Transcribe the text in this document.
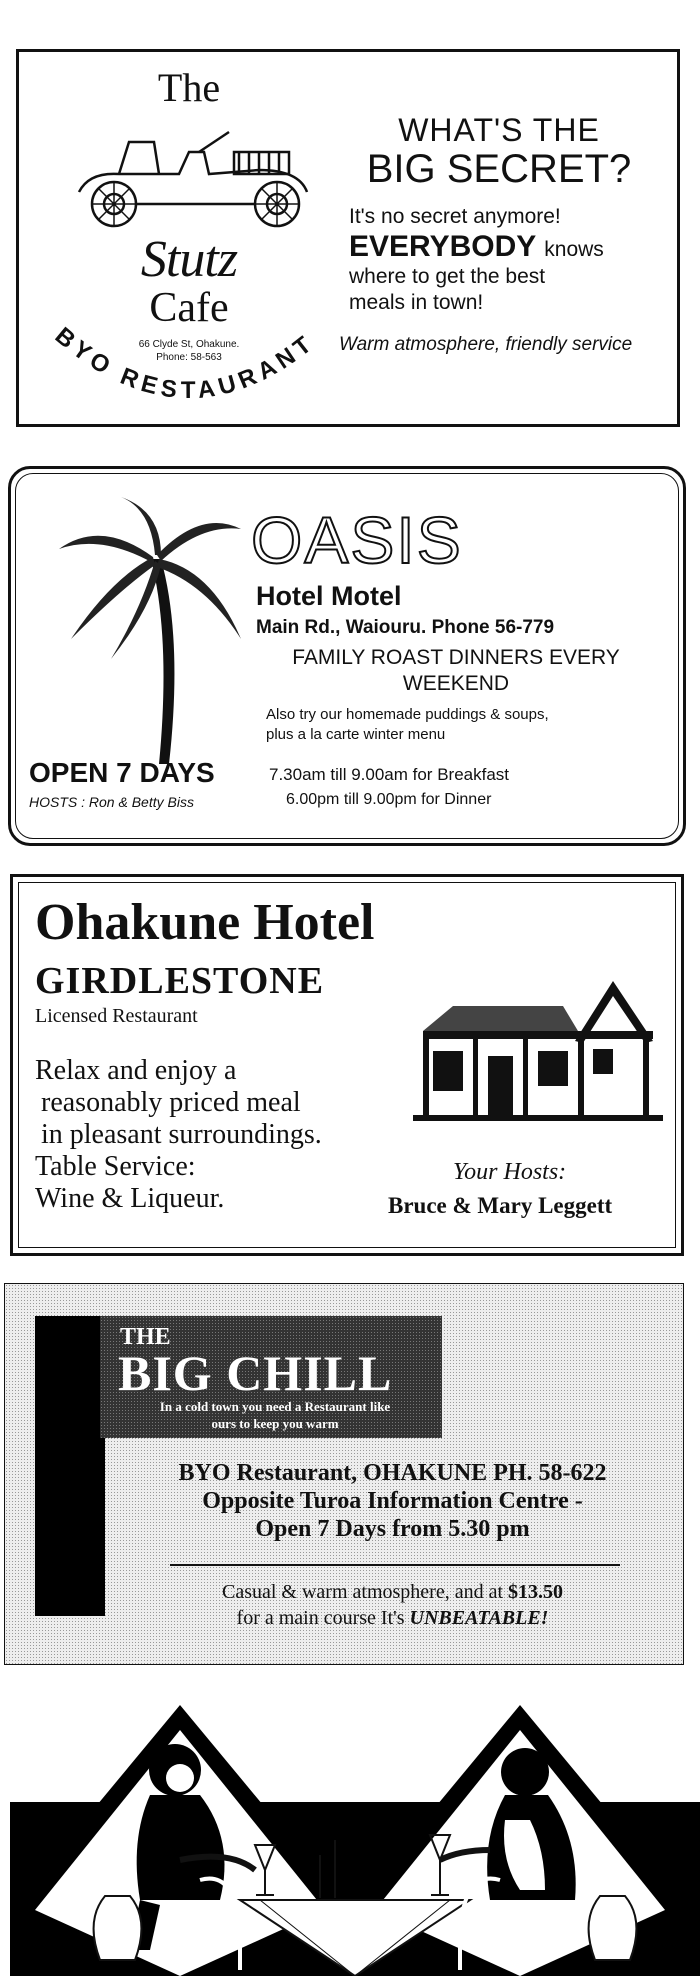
The
Stutz
Cafe
66 Clyde St, Ohakune.
Phone: 58-563
BYO RESTAURANT
WHAT'S THE
BIG SECRET?
It's no secret anymore!
EVERYBODY knows
where to get the best
meals in town!
Warm atmosphere, friendly service
OASIS
Hotel Motel
Main Rd., Waiouru. Phone 56-779
FAMILY ROAST DINNERS EVERY
WEEKEND
Also try our homemade puddings & soups,
plus a la carte winter menu
OPEN 7 DAYS
HOSTS : Ron & Betty Biss
7.30am till 9.00am for Breakfast
6.00pm till 9.00pm for Dinner
Ohakune Hotel
GIRDLESTONE
Licensed Restaurant
Relax and enjoy a
reasonably priced meal
in pleasant surroundings.
Table Service:
Wine & Liqueur.
Your Hosts:
Bruce & Mary Leggett
THE
BIG CHILL
In a cold town you need a Restaurant like
ours to keep you warm
BYO Restaurant, OHAKUNE PH. 58-622
Opposite Turoa Information Centre -
Open 7 Days from 5.30 pm
Casual & warm atmosphere, and at $13.50
for a main course It's UNBEATABLE!
